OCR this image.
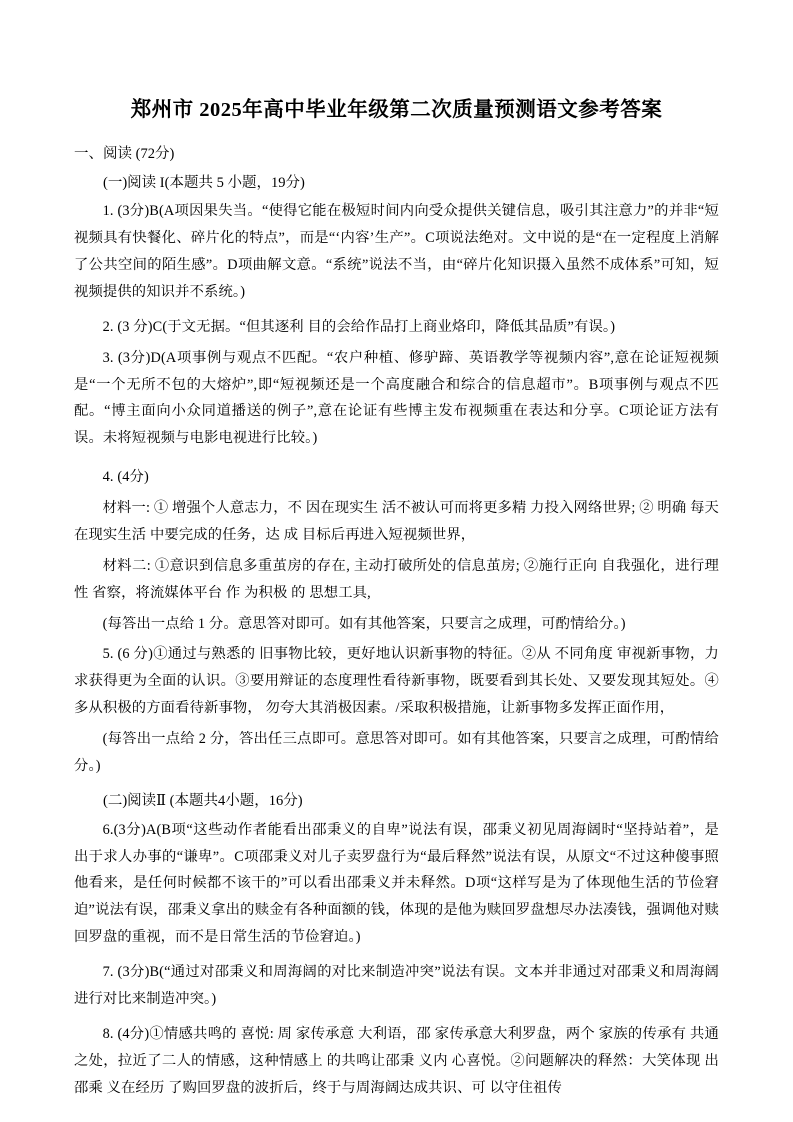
郑州市 2025年高中毕业年级第二次质量预测语文参考答案
一、阅读 (72分)
(一)阅读 I(本题共 5 小题，19分)
1. (3分)B(A项因果失当。“使得它能在极短时间内向受众提供关键信息，吸引其注意力”的并非“短视频具有快餐化、碎片化的特点”，而是“‘内容’生产”。C项说法绝对。文中说的是“在一定程度上消解了公共空间的陌生感”。D项曲解文意。“系统”说法不当，由“碎片化知识摄入虽然不成体系”可知，短视频提供的知识并不系统。)
2. (3 分)C(于文无据。“但其逐利 目的会给作品打上商业烙印，降低其品质”有误。)
3. (3分)D(A项事例与观点不匹配。“农户种植、修驴蹄、英语教学等视频内容”,意在论证短视频是“一个无所不包的大熔炉”,即“短视频还是一个高度融合和综合的信息超市”。B项事例与观点不匹配。“博主面向小众同道播送的例子”,意在论证有些博主发布视频重在表达和分享。C项论证方法有误。未将短视频与电影电视进行比较。)
4. (4分)
材料一: ① 增强个人意志力，不 因在现实生 活不被认可而将更多精 力投入网络世界; ② 明确 每天在现实生活 中要完成的任务，达 成 目标后再进入短视频世界，
材料二: ①意识到信息多重茧房的存在, 主动打破所处的信息茧房; ②施行正向 自我强化，进行理性 省察，将流媒体平台 作 为积极 的 思想工具,
(每答出一点给 1 分。意思答对即可。如有其他答案，只要言之成理，可酌情给分。)
5. (6 分)①通过与熟悉的 旧事物比较，更好地认识新事物的特征。②从 不同角度 审视新事物，力 求获得更为全面的认识。③要用辩证的态度理性看待新事物，既要看到其长处、又要发现其短处。④多从积极的方面看待新事物， 勿夸大其消极因素。/采取积极措施，让新事物多发挥正面作用，
(每答出一点给 2 分，答出任三点即可。意思答对即可。如有其他答案，只要言之成理，可酌情给分。)
(二)阅读Ⅱ (本题共4小题，16分)
6.(3分)A(B项“这些动作者能看出邵秉义的自卑”说法有误，邵秉义初见周海阔时“坚持站着”，是 出于求人办事的“谦卑”。C项邵秉义对儿子卖罗盘行为“最后释然”说法有误，从原文“不过这种傻事照他看来，是任何时候都不该干的”可以看出邵秉义并未释然。D项“这样写是为了体现他生活的节俭窘迫”说法有误，邵秉义拿出的赎金有各种面额的钱，体现的是他为赎回罗盘想尽办法凑钱，强调他对赎回罗盘的重视，而不是日常生活的节俭窘迫。)
7. (3分)B(“通过对邵秉义和周海阔的对比来制造冲突”说法有误。文本并非通过对邵秉义和周海阔进行对比来制造冲突。)
8. (4分)①情感共鸣的 喜悦: 周 家传承意 大利语，邵 家传承意大利罗盘，两个 家族的传承有 共通之处，拉近了二人的情感，这种情感上 的共鸣让邵秉 义内 心喜悦。②问题解决的释然：大笑体现 出邵乘 义在经历 了购回罗盘的波折后，终于与周海阔达成共识、可 以守住祖传
